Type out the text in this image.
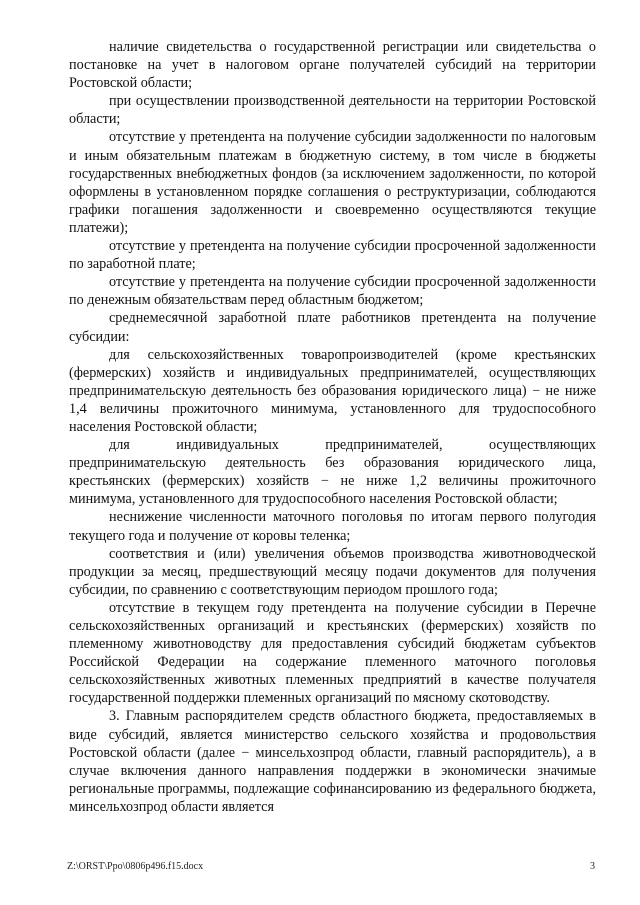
наличие свидетельства о государственной регистрации или свидетельства о постановке на учет в налоговом органе получателей субсидий на территории Ростовской области;

при осуществлении производственной деятельности на территории Ростовской области;

отсутствие у претендента на получение субсидии задолженности по налоговым и иным обязательным платежам в бюджетную систему, в том числе в бюджеты государственных внебюджетных фондов (за исключением задолженности, по которой оформлены в установленном порядке соглашения о реструктуризации, соблюдаются графики погашения задолженности и своевременно осуществляются текущие платежи);

отсутствие у претендента на получение субсидии просроченной задолженности по заработной плате;

отсутствие у претендента на получение субсидии просроченной задолженности по денежным обязательствам перед областным бюджетом;

среднемесячной заработной плате работников претендента на получение субсидии:

для сельскохозяйственных товаропроизводителей (кроме крестьянских (фермерских) хозяйств и индивидуальных предпринимателей, осуществляющих предпринимательскую деятельность без образования юридического лица) − не ниже 1,4 величины прожиточного минимума, установленного для трудоспособного населения Ростовской области;

для индивидуальных предпринимателей, осуществляющих предпринимательскую деятельность без образования юридического лица, крестьянских (фермерских) хозяйств − не ниже 1,2 величины прожиточного минимума, установленного для трудоспособного населения Ростовской области;

неснижение численности маточного поголовья по итогам первого полугодия текущего года и получение от коровы теленка;

соответствия и (или) увеличения объемов производства животноводческой продукции за месяц, предшествующий месяцу подачи документов для получения субсидии, по сравнению с соответствующим периодом прошлого года;

отсутствие в текущем году претендента на получение субсидии в Перечне сельскохозяйственных организаций и крестьянских (фермерских) хозяйств по племенному животноводству для предоставления субсидий бюджетам субъектов Российской Федерации на содержание племенного маточного поголовья сельскохозяйственных животных племенных предприятий в качестве получателя государственной поддержки племенных организаций по мясному скотоводству.

3. Главным распорядителем средств областного бюджета, предоставляемых в виде субсидий, является министерство сельского хозяйства и продовольствия Ростовской области (далее − минсельхозпрод области, главный распорядитель), а в случае включения данного направления поддержки в экономически значимые региональные программы, подлежащие софинансированию из федерального бюджета, минсельхозпрод области является

Z:\ORST\Ppo\0806p496.f15.docx	3
